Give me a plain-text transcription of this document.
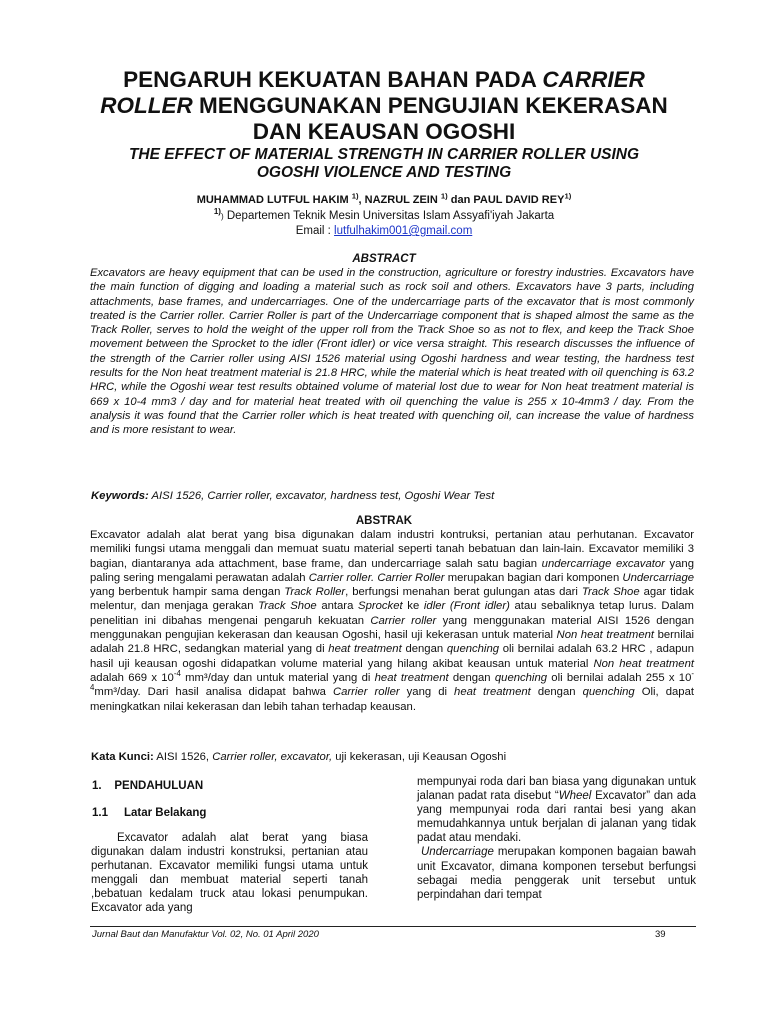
PENGARUH KEKUATAN BAHAN PADA CARRIER
ROLLER MENGGUNAKAN PENGUJIAN KEKERASAN
DAN KEAUSAN OGOSHI
THE EFFECT OF MATERIAL STRENGTH IN CARRIER ROLLER USING
OGOSHI VIOLENCE AND TESTING
MUHAMMAD LUTFUL HAKIM $^{1)}$, NAZRUL ZEIN $^{1)}$ dan PAUL DAVID REY$^{1)}$
$^{1)}$) Departemen Teknik Mesin Universitas Islam Assyafi'iyah Jakarta
Email : lutfulhakim001@gmail.com
ABSTRACT
Excavators are heavy equipment that can be used in the construction, agriculture or forestry industries. Excavators have the main function of digging and loading a material such as rock soil and others. Excavators have 3 parts, including attachments, base frames, and undercarriages. One of the undercarriage parts of the excavator that is most commonly treated is the Carrier roller. Carrier Roller is part of the Undercarriage component that is shaped almost the same as the Track Roller, serves to hold the weight of the upper roll from the Track Shoe so as not to flex, and keep the Track Shoe movement between the Sprocket to the idler (Front idler) or vice versa straight. This research discusses the influence of the strength of the Carrier roller using AISI 1526 material using Ogoshi hardness and wear testing, the hardness test results for the Non heat treatment material is 21.8 HRC, while the material which is heat treated with oil quenching is 63.2 HRC, while the Ogoshi wear test results obtained volume of material lost due to wear for Non heat treatment material is 669 x 10-4 mm3 / day and for material heat treated with oil quenching the value is 255 x 10-4mm3 / day. From the analysis it was found that the Carrier roller which is heat treated with quenching oil, can increase the value of hardness and is more resistant to wear.
Keywords: AISI 1526, Carrier roller, excavator, hardness test, Ogoshi Wear Test
ABSTRAK
Excavator adalah alat berat yang bisa digunakan dalam industri kontruksi, pertanian atau perhutanan. Excavator memiliki fungsi utama menggali dan memuat suatu material seperti tanah bebatuan dan lain-lain. Excavator memiliki 3 bagian, diantaranya ada attachment, base frame, dan undercarriage salah satu bagian undercarriage excavator yang paling sering mengalami perawatan adalah Carrier roller. Carrier Roller merupakan bagian dari komponen Undercarriage yang berbentuk hampir sama dengan Track Roller, berfungsi menahan berat gulungan atas dari Track Shoe agar tidak melentur, dan menjaga gerakan Track Shoe antara Sprocket ke idler (Front idler) atau sebaliknya tetap lurus. Dalam penelitian ini dibahas mengenai pengaruh kekuatan Carrier roller yang menggunakan material AISI 1526 dengan menggunakan pengujian kekerasan dan keausan Ogoshi, hasil uji kekerasan untuk material Non heat treatment bernilai adalah 21.8 HRC, sedangkan material yang di heat treatment dengan quenching oli bernilai adalah 63.2 HRC , adapun hasil uji keausan ogoshi didapatkan volume material yang hilang akibat keausan untuk material Non heat treatment adalah 669 x $10^{-4}$ mm³/day dan untuk material yang di heat treatment dengan quenching oli bernilai adalah 255 x $10^{-4}mm^3$/day. Dari hasil analisa didapat bahwa Carrier roller yang di heat treatment dengan quenching Oli, dapat meningkatkan nilai kekerasan dan lebih tahan terhadap keausan.
Kata Kunci: AISI 1526, Carrier roller, excavator, uji kekerasan, uji Keausan Ogoshi
1.    PENDAHULUAN
1.1     Latar Belakang

Excavator adalah alat berat yang biasa digunakan dalam industri konstruksi, pertanian atau perhutanan. Excavator memiliki fungsi utama untuk menggali dan membuat material seperti tanah ,bebatuan kedalam truck atau lokasi penumpukan. Excavator ada yang

mempunyai roda dari ban biasa yang digunakan untuk jalanan padat rata disebut “Wheel Excavator” dan ada yang mempunyai roda dari rantai besi yang akan memudahkannya untuk berjalan di jalanan yang tidak padat atau mendaki.

Undercarriage merupakan komponen bagaian bawah unit Excavator, dimana komponen tersebut berfungsi sebagai media penggerak unit tersebut untuk perpindahan dari tempat

Jurnal Baut dan Manufaktur Vol. 02, No. 01 April 2020	39
